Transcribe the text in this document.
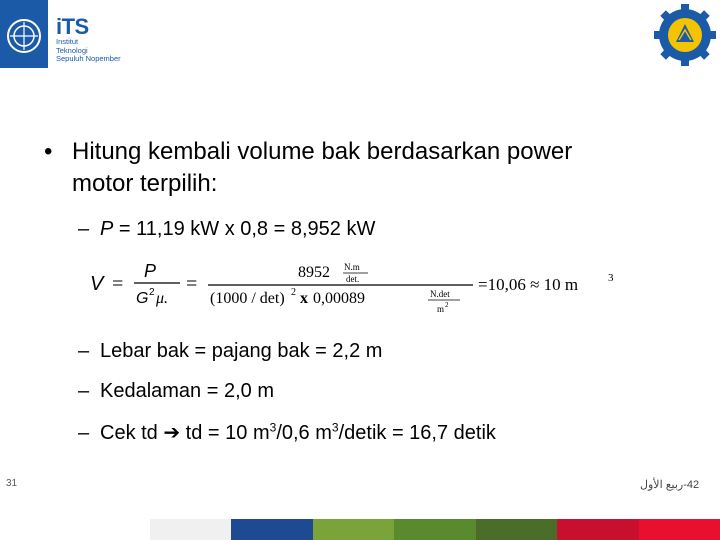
iTS
Institut
Teknologi
Sepuluh Nopember
• Hitung kembali volume bak berdasarkan power motor terpilih:
– P = 11,19 kW x 0,8 = 8,952 kW
V =
P
G 2 μ.
=
8952 N.m
det.
(1000 / det) 2 x 0,00089	N.det
m 2
=10,06 ≈ 10 m	3
– Lebar bak = pajang bak = 2,2 m
– Kedalaman = 2,0 m
– Cek td ➔ td = 10 $m^3/0,6$ $m^3$/detik = 16,7 detik
31	42-ربيع الأول
